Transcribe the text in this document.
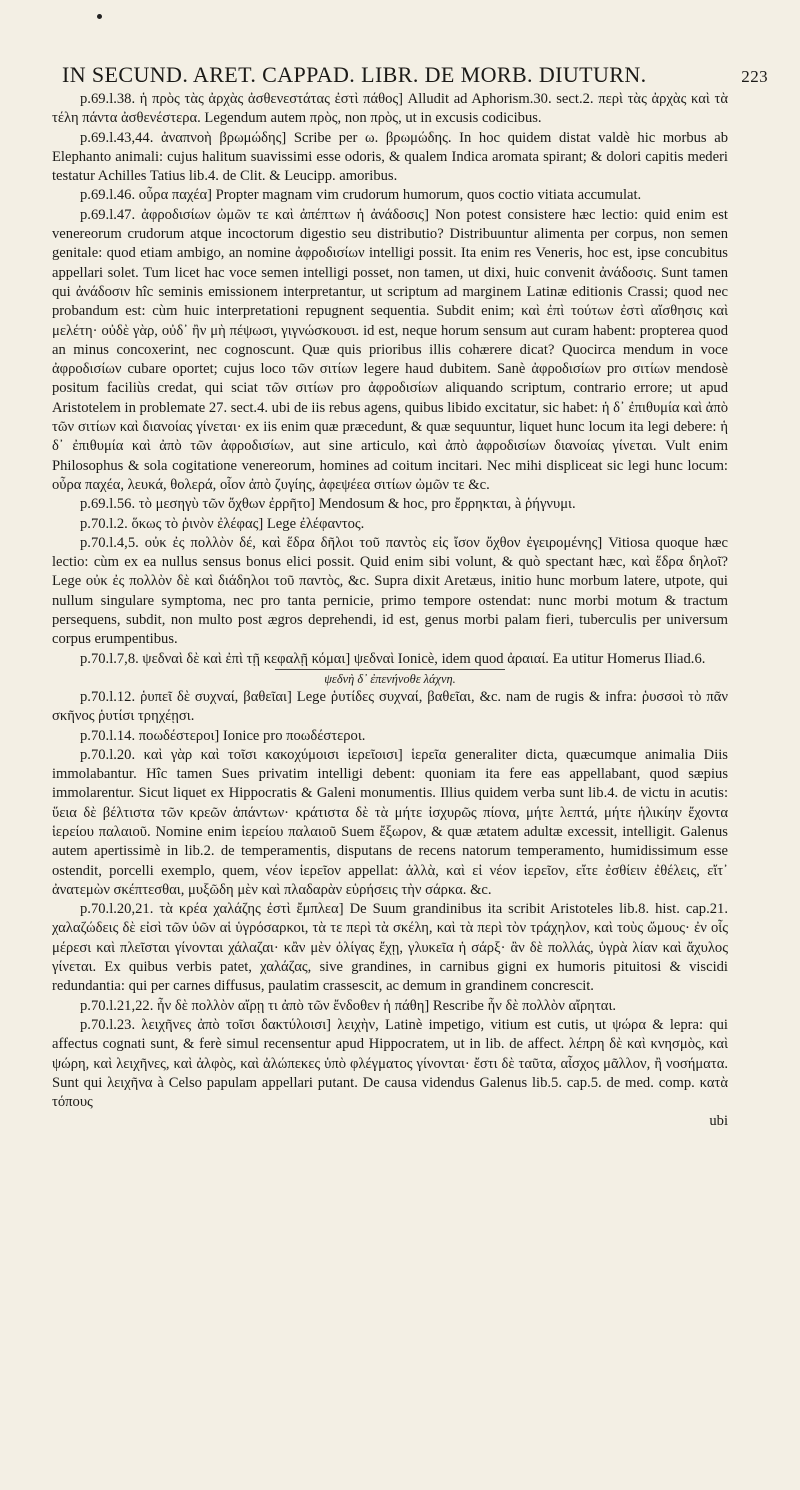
IN SECUND. ARET. CAPPAD. LIBR. DE MORB. DIUTURN.	223

p.69.l.38. ἡ πρὸς τὰς ἀρχὰς ἀσθενεστάτας ἐστὶ πάθος] Alludit ad Aphorism.30. sect.2. περὶ τὰς ἀρχὰς καὶ τὰ τέλη πάντα ἀσθενέστερα. Legendum autem πρὸς, non πρὸς, ut in excusis codicibus.

p.69.l.43,44. ἀναπνοὴ βρωμώδης] Scribe per ω. βρωμώδης. In hoc quidem distat valdè hic morbus ab Elephanto animali: cujus halitum suavissimi esse odoris, & qualem Indica aromata spirant; & dolori capitis mederi testatur Achilles Tatius lib.4. de Clit. & Leucipp. amoribus.

p.69.l.46. οὖρα παχέα] Propter magnam vim crudorum humorum, quos coctio vitiata accumulat.

p.69.l.47. ἀφροδισίων ὠμῶν τε καὶ ἀπέπτων ἡ ἀνάδοσις] Non potest consistere hæc lectio: quid enim est venereorum crudorum atque incoctorum digestio seu distributio? Distribuuntur alimenta per corpus, non semen genitale: quod etiam ambigo, an nomine ἀφροδισίων intelligi possit. Ita enim res Veneris, hoc est, ipse concubitus appellari solet. Tum licet hac voce semen intelligi posset, non tamen, ut dixi, huic convenit ἀνάδοσις. Sunt tamen qui ἀνάδοσιν hîc seminis emissionem interpretantur, ut scriptum ad marginem Latinæ editionis Crassi; quod nec probandum est: cùm huic interpretationi repugnent sequentia. Subdit enim; καὶ ἐπὶ τούτων ἐστὶ αἴσθησις καὶ μελέτη· οὐδὲ γὰρ, οὐδ᾽ ἢν μὴ πέψωσι, γιγνώσκουσι. id est, neque horum sensum aut curam habent: propterea quod an minus concoxerint, nec cognoscunt. Quæ quis prioribus illis cohærere dicat? Quocirca mendum in voce ἀφροδισίων cubare oportet; cujus loco τῶν σιτίων legere haud dubitem. Sanè ἀφροδισίων pro σιτίων mendosè positum faciliùs credat, qui sciat τῶν σιτίων pro ἀφροδισίων aliquando scriptum, contrario errore; ut apud Aristotelem in problemate 27. sect.4. ubi de iis rebus agens, quibus libido excitatur, sic habet: ἡ δ᾽ ἐπιθυμία καὶ ἀπὸ τῶν σιτίων καὶ διανοίας γίνεται· ex iis enim quæ præcedunt, & quæ sequuntur, liquet hunc locum ita legi debere: ἡ δ᾽ ἐπιθυμία καὶ ἀπὸ τῶν ἀφροδισίων, aut sine articulo, καὶ ἀπὸ ἀφροδισίων διανοίας γίνεται. Vult enim Philosophus & sola cogitatione venereorum, homines ad coitum incitari. Nec mihi displiceat sic legi hunc locum: οὖρα παχέα, λευκά, θολερά, οἷον ἀπὸ ζυγίης, ἀφεψέεα σιτίων ὠμῶν τε &c.

p.69.l.56. τὸ μεσηγὺ τῶν ὄχθων ἐρρῆτο] Mendosum & hoc, pro ἔρρηκται, à ῥήγνυμι.

p.70.l.2. ὅκως τὸ ῥινὸν ἐλέφας] Lege ἐλέφαντος.

p.70.l.4,5. οὐκ ἐς πολλὸν δέ, καὶ ἕδρα δῆλοι τοῦ παντὸς εἰς ἴσον ὄχθον ἐγειρομένης] Vitiosa quoque hæc lectio: cùm ex ea nullus sensus bonus elici possit. Quid enim sibi volunt, & quò spectant hæc, καὶ ἕδρα δηλοῖ? Lege οὐκ ἐς πολλὸν δὲ καὶ διάδηλοι τοῦ παντὸς, &c. Supra dixit Aretæus, initio hunc morbum latere, utpote, qui nullum singulare symptoma, nec pro tanta pernicie, primo tempore ostendat: nunc morbi motum & tractum persequens, subdit, non multo post ægros deprehendi, id est, genus morbi palam fieri, tuberculis per universum corpus erumpentibus.

p.70.l.7,8. ψεδναὶ δὲ καὶ ἐπὶ τῇ κεφαλῇ κόμαι] ψεδναὶ Ionicè, idem quod ἀραιαί. Ea utitur Homerus Iliad.6.

ψεδνὴ δ᾽ ἐπενήνοθε λάχνη.

p.70.l.12. ῥυπεῖ δὲ συχναί, βαθεῖαι] Lege ῥυτίδες συχναί, βαθεῖαι, &c. nam de rugis & infra: ῥυσσοὶ τὸ πᾶν σκῆνος ῥυτίσι τρηχέῃσι.

p.70.l.14. ποωδέστεροι] Ionice pro ποωδέστεροι.

p.70.l.20. καὶ γὰρ καὶ τοῖσι κακοχύμοισι ἱερεῖοισι] ἱερεῖα generaliter dicta, quæcumque animalia Diis immolabantur. Hîc tamen Sues privatim intelligi debent: quoniam ita fere eas appellabant, quod sæpius immolarentur. Sicut liquet ex Hippocratis & Galeni monumentis. Illius quidem verba sunt lib.4. de victu in acutis: ὕεια δὲ βέλτιστα τῶν κρεῶν ἁπάντων· κράτιστα δὲ τὰ μήτε ἰσχυρῶς πίονα, μήτε λεπτά, μήτε ἡλικίην ἔχοντα ἱερείου παλαιοῦ. Nomine enim ἱερείου παλαιοῦ Suem ἔξωρον, & quæ ætatem adultæ excessit, intelligit. Galenus autem apertissimè in lib.2. de temperamentis, disputans de recens natorum temperamento, humidissimum esse ostendit, porcelli exemplo, quem, νέον ἱερεῖον appellat: ἀλλὰ, καὶ εἰ νέον ἱερεῖον, εἴτε ἐσθίειν ἐθέλεις, εἴτ᾽ ἀνατεμὼν σκέπτεσθαι, μυξῶδη μὲν καὶ πλαδαρὰν εὑρήσεις τὴν σάρκα. &c.

p.70.l.20,21. τὰ κρέα χαλάζης ἐστὶ ἔμπλεα] De Suum grandinibus ita scribit Aristoteles lib.8. hist. cap.21. χαλαζώδεις δὲ εἰσὶ τῶν ὑῶν αἱ ὑγρόσαρκοι, τὰ τε περὶ τὰ σκέλη, καὶ τὰ περὶ τὸν τράχηλον, καὶ τοὺς ὤμους· ἐν οἷς μέρεσι καὶ πλεῖσται γίνονται χάλαζαι· κἂν μὲν ὀλίγας ἔχῃ, γλυκεῖα ἡ σάρξ· ἂν δὲ πολλάς, ὑγρὰ λίαν καὶ ἄχυλος γίνεται. Ex quibus verbis patet, χαλάζας, sive grandines, in carnibus gigni ex humoris pituitosi & viscidi redundantia: qui per carnes diffusus, paulatim crassescit, ac demum in grandinem concrescit.

p.70.l.21,22. ἦν δὲ πολλὸν αἴρῃ τι ἀπὸ τῶν ἔνδοθεν ἡ πάθη] Rescribe ἦν δὲ πολλὸν αἴρηται.

p.70.l.23. λειχῆνες ἀπὸ τοῖσι δακτύλοισι] λειχὴν, Latinè impetigo, vitium est cutis, ut ψώρα & lepra: qui affectus cognati sunt, & ferè simul recensentur apud Hippocratem, ut in lib. de affect. λέπρη δὲ καὶ κνησμὸς, καὶ ψώρη, καὶ λειχῆνες, καὶ ἀλφὸς, καὶ ἀλώπεκες ὑπὸ φλέγματος γίνονται· ἔστι δὲ ταῦτα, αἶσχος μᾶλλον, ἢ νοσήματα. Sunt qui λειχῆνα à Celso papulam appellari putant. De causa videndus Galenus lib.5. cap.5. de med. comp. κατὰ τόπους

ubi
